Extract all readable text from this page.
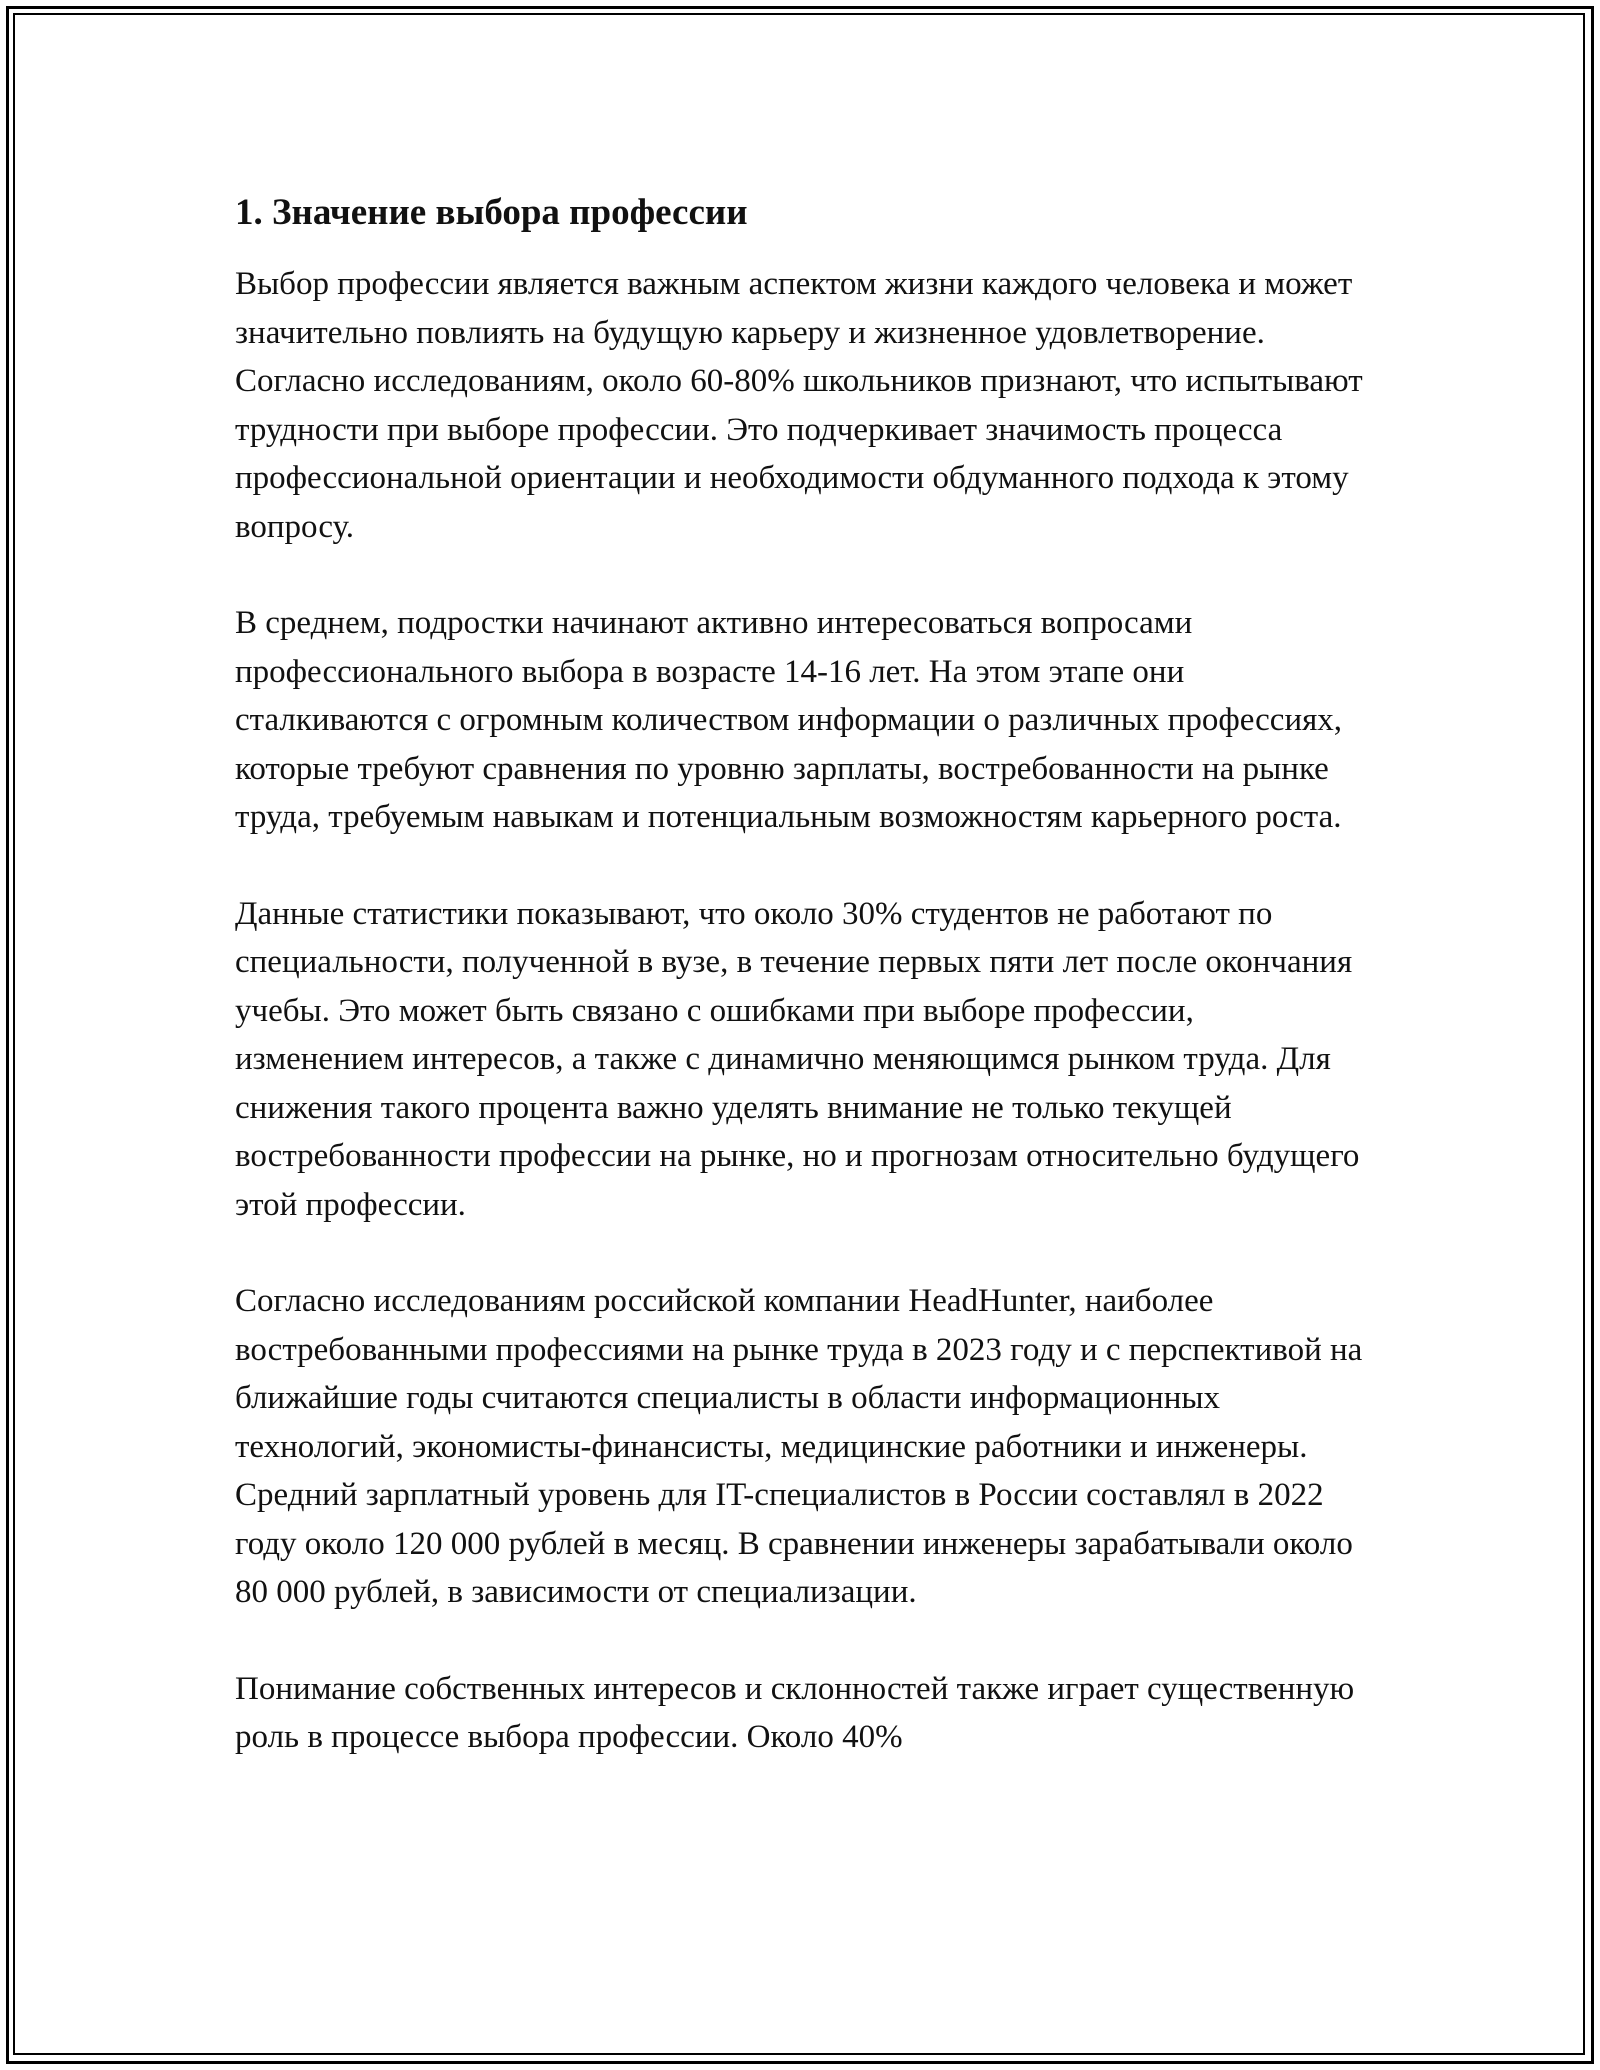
1. Значение выбора профессии

Выбор профессии является важным аспектом жизни каждого человека и может значительно повлиять на будущую карьеру и жизненное удовлетворение. Согласно исследованиям, около 60-80% школьников признают, что испытывают трудности при выборе профессии. Это подчеркивает значимость процесса профессиональной ориентации и необходимости обдуманного подхода к этому вопросу.

В среднем, подростки начинают активно интересоваться вопросами профессионального выбора в возрасте 14-16 лет. На этом этапе они сталкиваются с огромным количеством информации о различных профессиях, которые требуют сравнения по уровню зарплаты, востребованности на рынке труда, требуемым навыкам и потенциальным возможностям карьерного роста.

Данные статистики показывают, что около 30% студентов не работают по специальности, полученной в вузе, в течение первых пяти лет после окончания учебы. Это может быть связано с ошибками при выборе профессии, изменением интересов, а также с динамично меняющимся рынком труда. Для снижения такого процента важно уделять внимание не только текущей востребованности профессии на рынке, но и прогнозам относительно будущего этой профессии.

Согласно исследованиям российской компании HeadHunter, наиболее востребованными профессиями на рынке труда в 2023 году и с перспективой на ближайшие годы считаются специалисты в области информационных технологий, экономисты-финансисты, медицинские работники и инженеры. Средний зарплатный уровень для IT-специалистов в России составлял в 2022 году около 120 000 рублей в месяц. В сравнении инженеры зарабатывали около 80 000 рублей, в зависимости от специализации.

Понимание собственных интересов и склонностей также играет существенную роль в процессе выбора профессии. Около 40%
